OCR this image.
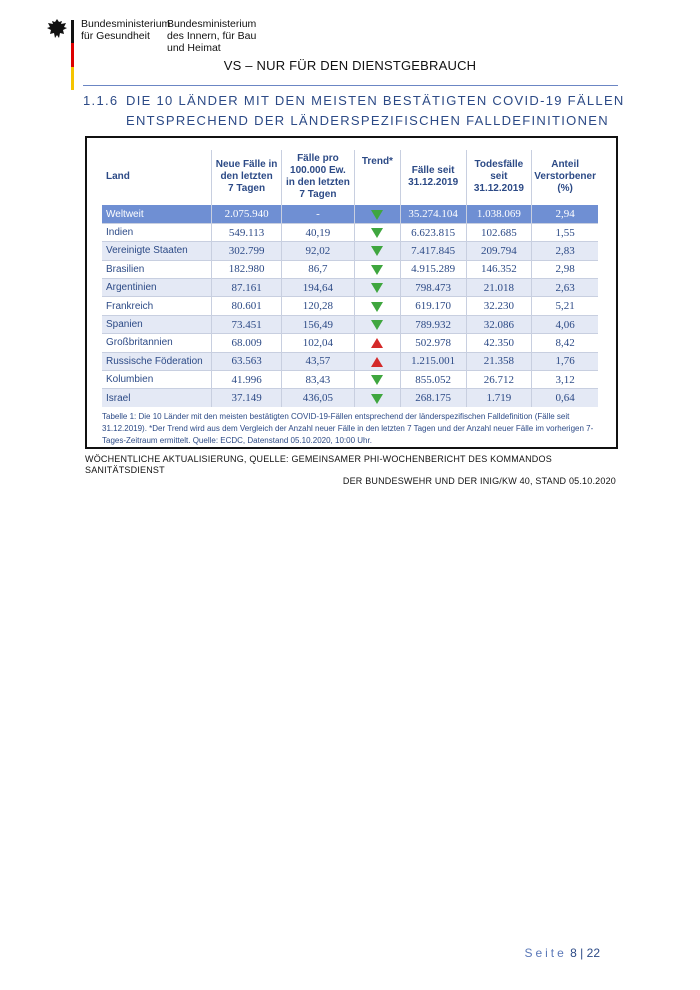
Bundesministerium
für Gesundheit
Bundesministerium
des Innern, für Bau
und Heimat
VS – NUR FÜR DEN DIENSTGEBRAUCH
1.1.6 DIE 10 LÄNDER MIT DEN MEISTEN BESTÄTIGTEN COVID-19 FÄLLEN
ENTSPRECHEND DER LÄNDERSPEZIFISCHEN FALLDEFINITIONEN
Land	Neue Fälle in
den letzten
7 Tagen	Fälle pro
100.000 Ew.
in den letzten
7 Tagen	Trend*	Fälle seit
31.12.2019	Todesfälle
seit
31.12.2019	Anteil
Verstorbener
(%)
Weltweit	2.075.940	-		35.274.104	1.038.069	2,94
Indien	549.113	40,19		6.623.815	102.685	1,55
Vereinigte Staaten	302.799	92,02		7.417.845	209.794	2,83
Brasilien	182.980	86,7		4.915.289	146.352	2,98
Argentinien	87.161	194,64		798.473	21.018	2,63
Frankreich	80.601	120,28		619.170	32.230	5,21
Spanien	73.451	156,49		789.932	32.086	4,06
Großbritannien	68.009	102,04		502.978	42.350	8,42
Russische Föderation	63.563	43,57		1.215.001	21.358	1,76
Kolumbien	41.996	83,43		855.052	26.712	3,12
Israel	37.149	436,05		268.175	1.719	0,64
Tabelle 1: Die 10 Länder mit den meisten bestätigten COVID-19-Fällen entsprechend der länderspezifischen Falldefinition (Fälle seit 31.12.2019). *Der Trend wird aus dem Vergleich der Anzahl neuer Fälle in den letzten 7 Tagen und der Anzahl neuer Fälle im vorherigen 7-Tages-Zeitraum ermittelt. Quelle: ECDC, Datenstand 05.10.2020, 10:00 Uhr.
WÖCHENTLICHE AKTUALISIERUNG, QUELLE: GEMEINSAMER PHI-WOCHENBERICHT DES KOMMANDOS SANITÄTSDIENST
DER BUNDESWEHR UND DER INIG/KW 40, STAND 05.10.2020
Seite 8 | 22
